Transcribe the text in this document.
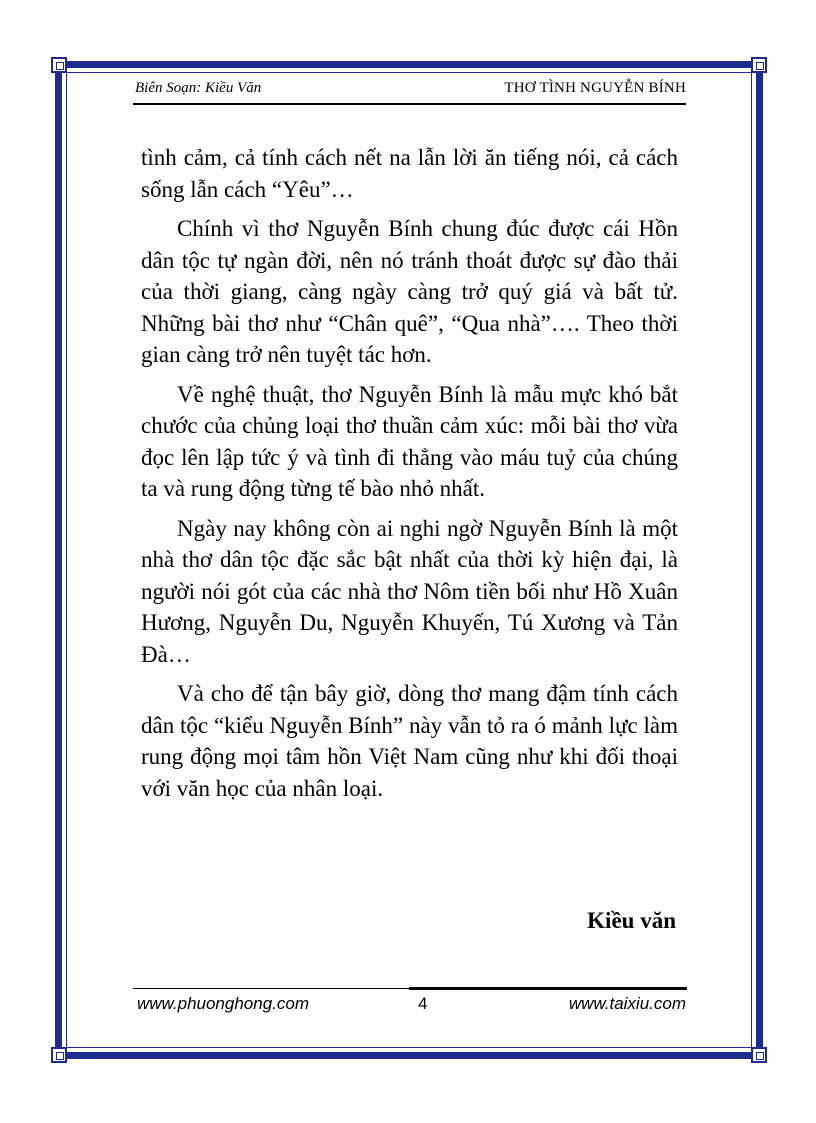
Biên Soạn: Kiều Văn	THƠ TÌNH NGUYỄN BÍNH

tình cảm, cả tính cách nết na lẫn lời ăn tiếng nói, cả cách sống lẫn cách “Yêu”…

Chính vì thơ Nguyễn Bính chung đúc được cái Hồn dân tộc tự ngàn đời, nên nó tránh thoát được sự đào thải của thời giang, càng ngày càng trở quý giá và bất tử. Những bài thơ như “Chân quê”, “Qua nhà”…. Theo thời gian càng trở nên tuyệt tác hơn.

Về nghệ thuật, thơ Nguyễn Bính là mẫu mực khó bắt chước của chủng loại thơ thuần cảm xúc: mỗi bài thơ vừa đọc lên lập tức ý và tình đi thẳng vào máu tuỷ của chúng ta và rung động từng tế bào nhỏ nhất.

Ngày nay không còn ai nghi ngờ Nguyễn Bính là một nhà thơ dân tộc đặc sắc bật nhất của thời kỳ hiện đại, là người nói gót của các nhà thơ Nôm tiền bối như Hồ Xuân Hương, Nguyễn Du, Nguyễn Khuyến, Tú Xương và Tản Đà…

Và cho để tận bây giờ, dòng thơ mang đậm tính cách dân tộc “kiểu Nguyễn Bính” này vẫn tỏ ra ó mảnh lực làm rung động mọi tâm hồn Việt Nam cũng như khi đối thoại với văn học của nhân loại.

Kiều văn
www.phuonghong.com	4	www.taixiu.com
